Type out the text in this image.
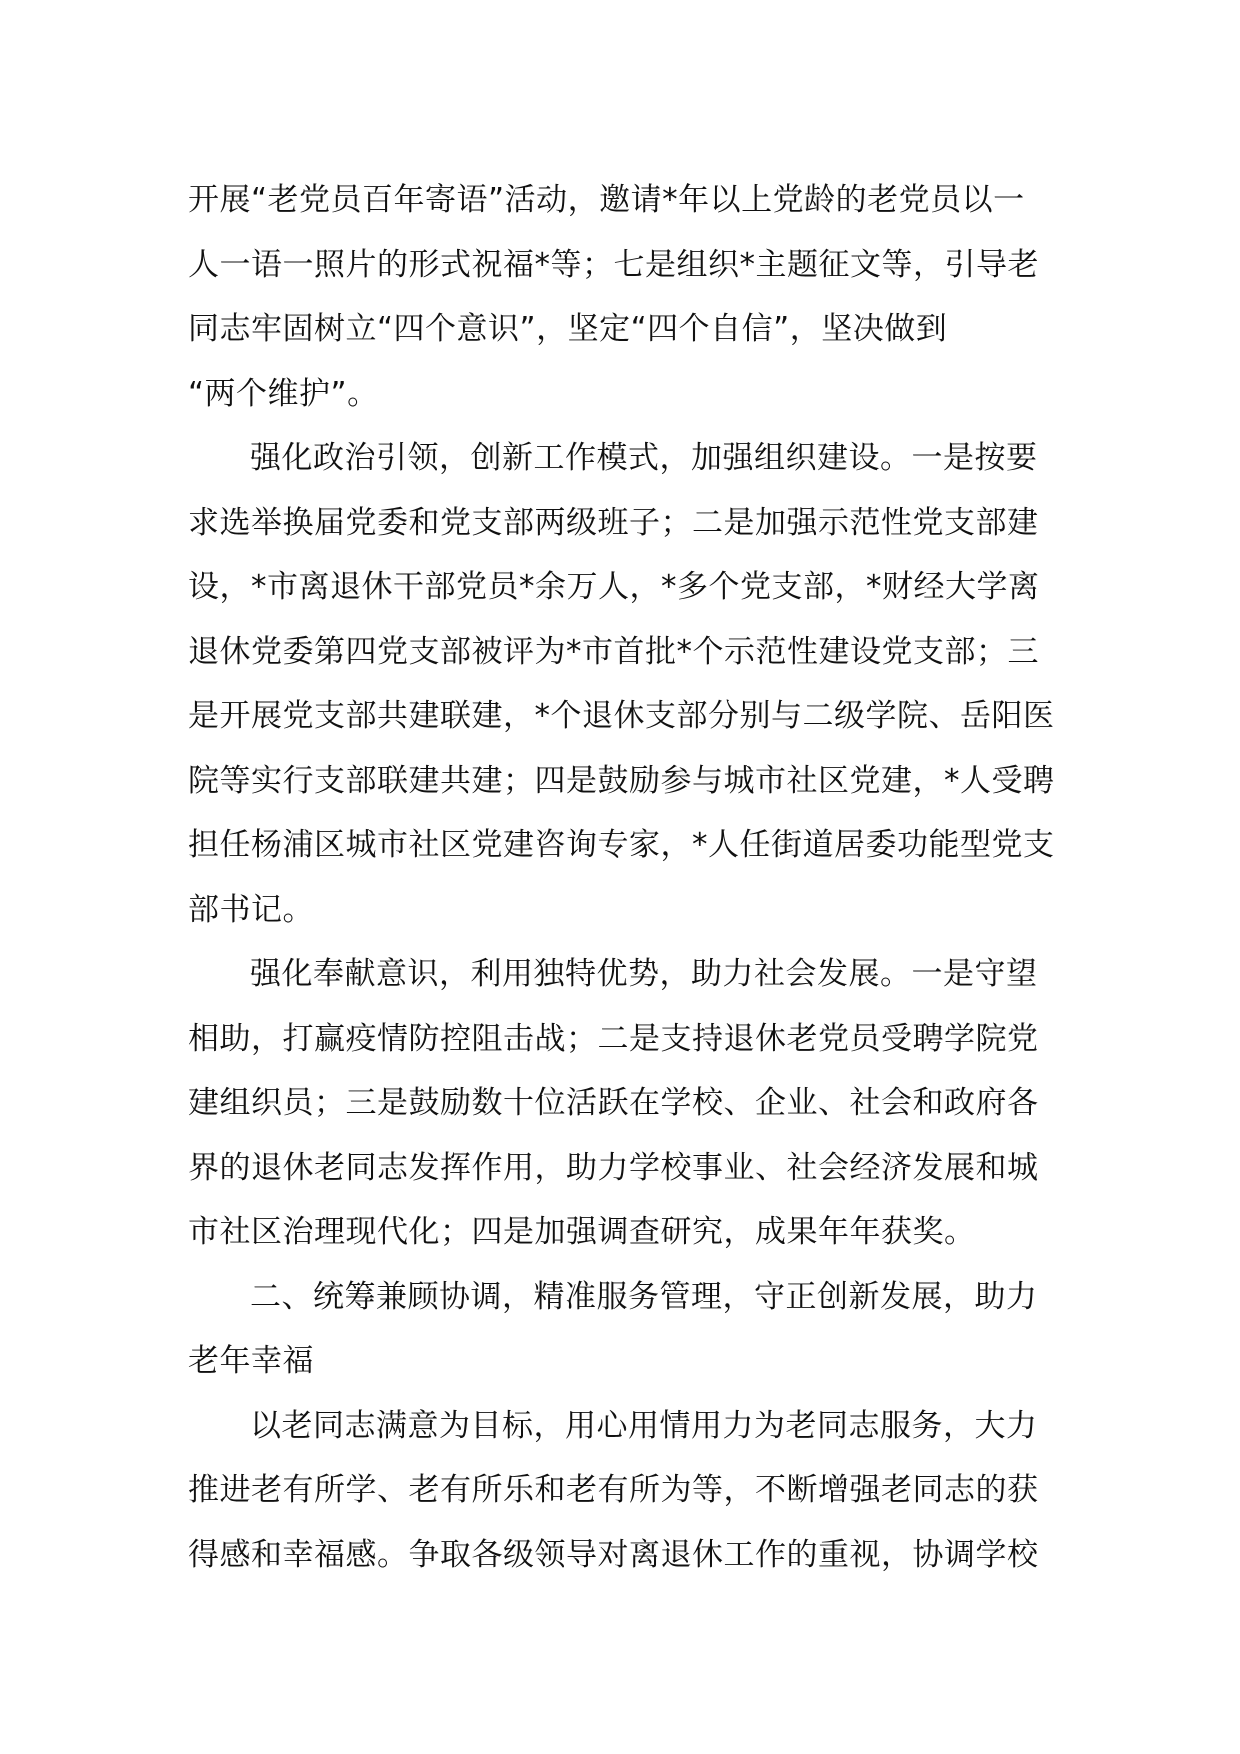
开展“老党员百年寄语”活动，邀请*年以上党龄的老党员以一
人一语一照片的形式祝福*等；七是组织*主题征文等，引导老
同志牢固树立“四个意识”，坚定“四个自信”，坚决做到
“两个维护”。
强化政治引领，创新工作模式，加强组织建设。一是按要
求选举换届党委和党支部两级班子；二是加强示范性党支部建
设，*市离退休干部党员*余万人，*多个党支部，*财经大学离
退休党委第四党支部被评为*市首批*个示范性建设党支部；三
是开展党支部共建联建，*个退休支部分别与二级学院、岳阳医
院等实行支部联建共建；四是鼓励参与城市社区党建，*人受聘
担任杨浦区城市社区党建咨询专家，*人任街道居委功能型党支
部书记。
强化奉献意识，利用独特优势，助力社会发展。一是守望
相助，打赢疫情防控阻击战；二是支持退休老党员受聘学院党
建组织员；三是鼓励数十位活跃在学校、企业、社会和政府各
界的退休老同志发挥作用，助力学校事业、社会经济发展和城
市社区治理现代化；四是加强调查研究，成果年年获奖。
二、统筹兼顾协调，精准服务管理，守正创新发展，助力
老年幸福
以老同志满意为目标，用心用情用力为老同志服务，大力
推进老有所学、老有所乐和老有所为等，不断增强老同志的获
得感和幸福感。争取各级领导对离退休工作的重视，协调学校
